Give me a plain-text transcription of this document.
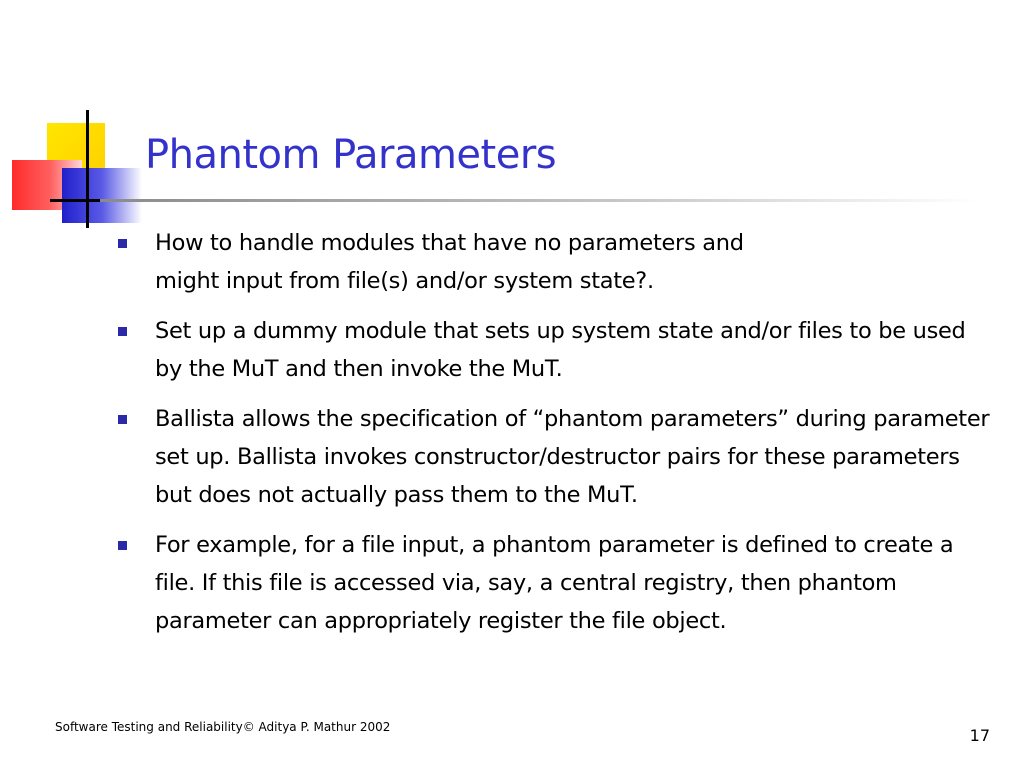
Phantom Parameters
How to handle modules that have no parameters and
might input from file(s) and/or system state?.
Set up a dummy module that sets up system state and/or files to be used by the MuT and then invoke the MuT.
Ballista allows the specification of “phantom parameters” during parameter set up. Ballista invokes constructor/destructor pairs for these parameters but does not actually pass them to the MuT.
For example, for a file input, a phantom parameter is defined to create a file. If this file is accessed via, say, a central registry, then phantom parameter can appropriately register the file object.
Software Testing and Reliability© Aditya P. Mathur 2002	17
